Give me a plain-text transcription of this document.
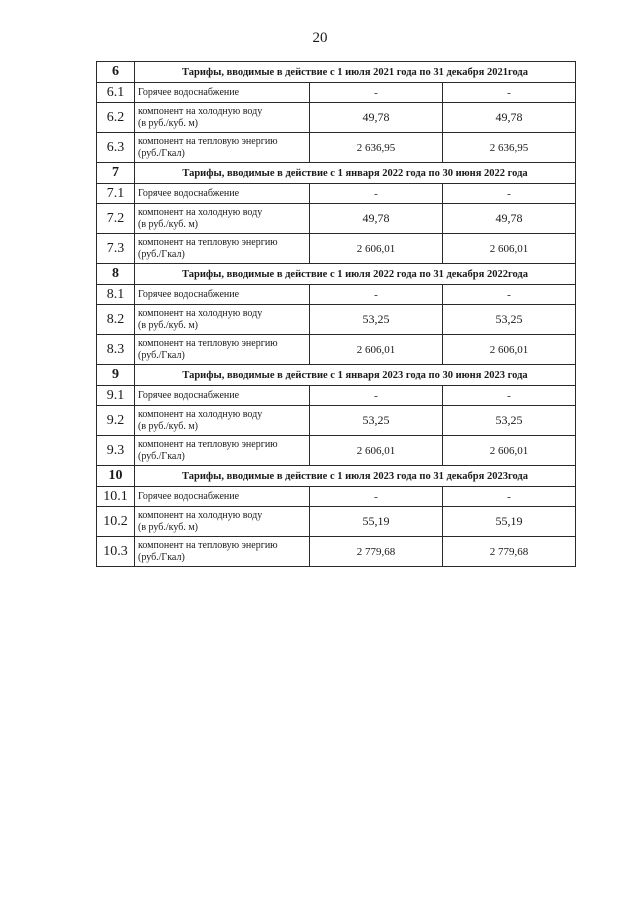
20
6	Тарифы, вводимые в действие с 1 июля 2021 года по 31 декабря 2021года		
6.1	Горячее водоснабжение	-	-
6.2	компонент на холодную воду
(в руб./куб. м)	49,78	49,78
6.3	компонент на тепловую энергию
(руб./Гкал)	2 636,95	2 636,95
7	Тарифы, вводимые в действие с 1 января 2022 года по 30 июня 2022 года		
7.1	Горячее водоснабжение	-	-
7.2	компонент на холодную воду
(в руб./куб. м)	49,78	49,78
7.3	компонент на тепловую энергию
(руб./Гкал)	2 606,01	2 606,01
8	Тарифы, вводимые в действие с 1 июля 2022 года по 31 декабря 2022года		
8.1	Горячее водоснабжение	-	-
8.2	компонент на холодную воду
(в руб./куб. м)	53,25	53,25
8.3	компонент на тепловую энергию
(руб./Гкал)	2 606,01	2 606,01
9	Тарифы, вводимые в действие с 1 января 2023 года по 30 июня 2023 года		
9.1	Горячее водоснабжение	-	-
9.2	компонент на холодную воду
(в руб./куб. м)	53,25	53,25
9.3	компонент на тепловую энергию
(руб./Гкал)	2 606,01	2 606,01
10	Тарифы, вводимые в действие с 1 июля 2023 года по 31 декабря 2023года		
10.1	Горячее водоснабжение	-	-
10.2	компонент на холодную воду
(в руб./куб. м)	55,19	55,19
10.3	компонент на тепловую энергию
(руб./Гкал)	2 779,68	2 779,68
